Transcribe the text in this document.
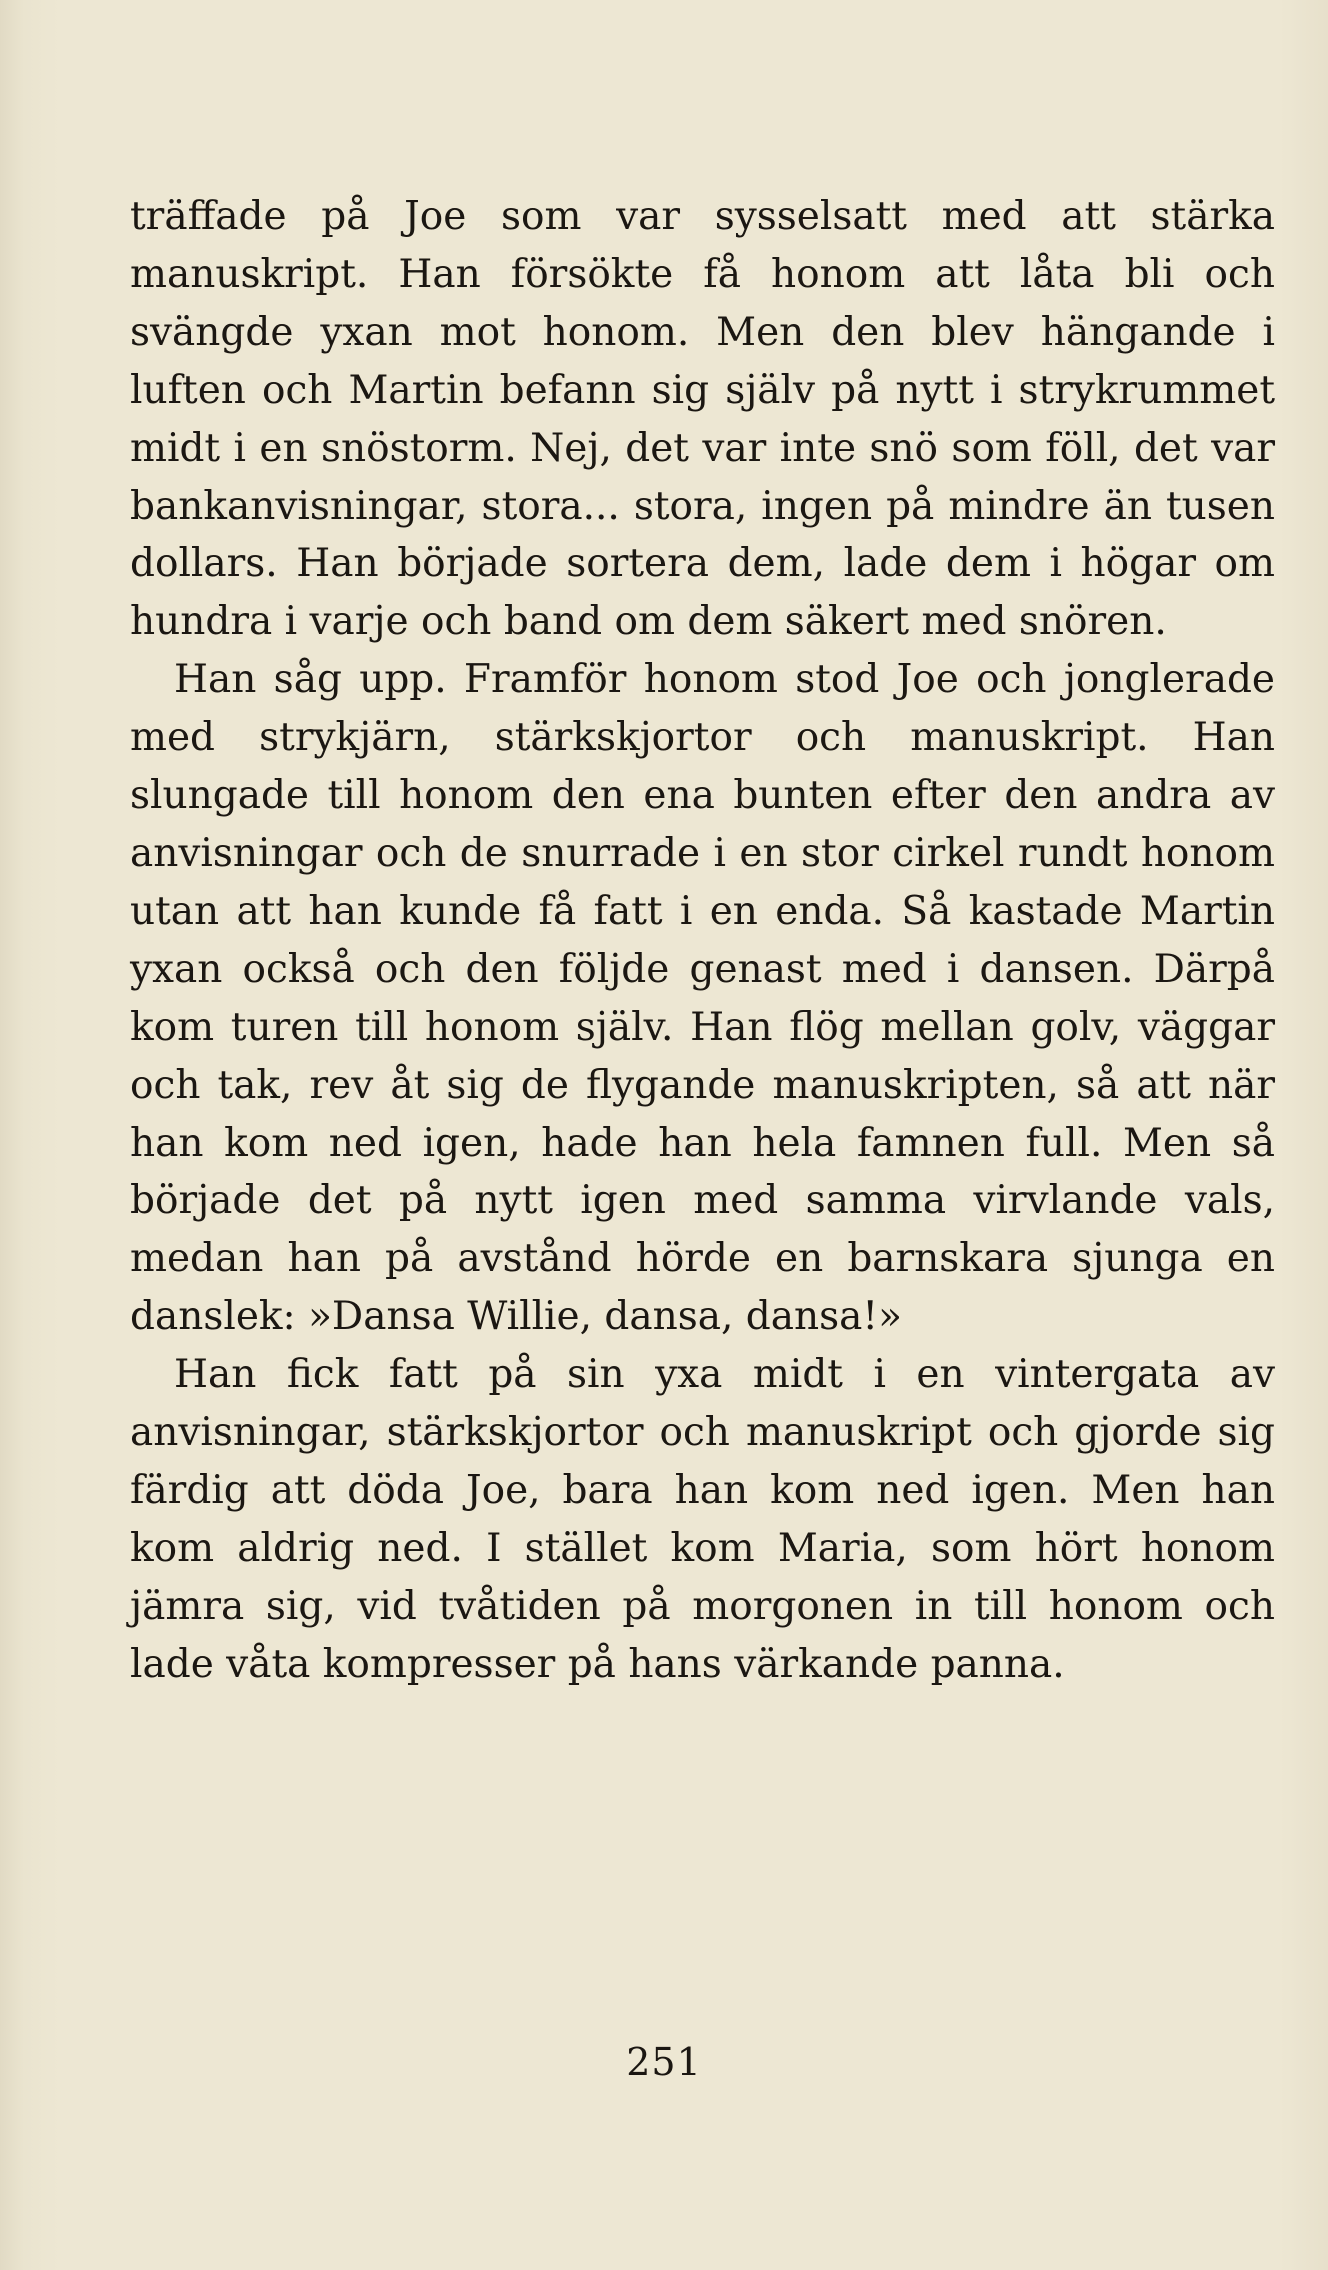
träffade på Joe som var sysselsatt med att stärka manuskript. Han försökte få honom att låta bli och svängde yxan mot honom. Men den blev hängande i luften och Martin befann sig själv på nytt i strykrummet midt i en snöstorm. Nej, det var inte snö som föll, det var bankanvisningar, stora... stora, ingen på mindre än tusen dollars. Han började sortera dem, lade dem i högar om hundra i varje och band om dem säkert med snören.

Han såg upp. Framför honom stod Joe och jonglerade med strykjärn, stärkskjortor och manuskript. Han slungade till honom den ena bunten efter den andra av anvisningar och de snurrade i en stor cirkel rundt honom utan att han kunde få fatt i en enda. Så kastade Martin yxan också och den följde genast med i dansen. Därpå kom turen till honom själv. Han flög mellan golv, väggar och tak, rev åt sig de flygande manuskripten, så att när han kom ned igen, hade han hela famnen full. Men så började det på nytt igen med samma virvlande vals, medan han på avstånd hörde en barnskara sjunga en danslek: »Dansa Willie, dansa, dansa!»

Han fick fatt på sin yxa midt i en vintergata av anvisningar, stärkskjortor och manuskript och gjorde sig färdig att döda Joe, bara han kom ned igen. Men han kom aldrig ned. I stället kom Maria, som hört honom jämra sig, vid tvåtiden på morgonen in till honom och lade våta kompresser på hans värkande panna.

251
